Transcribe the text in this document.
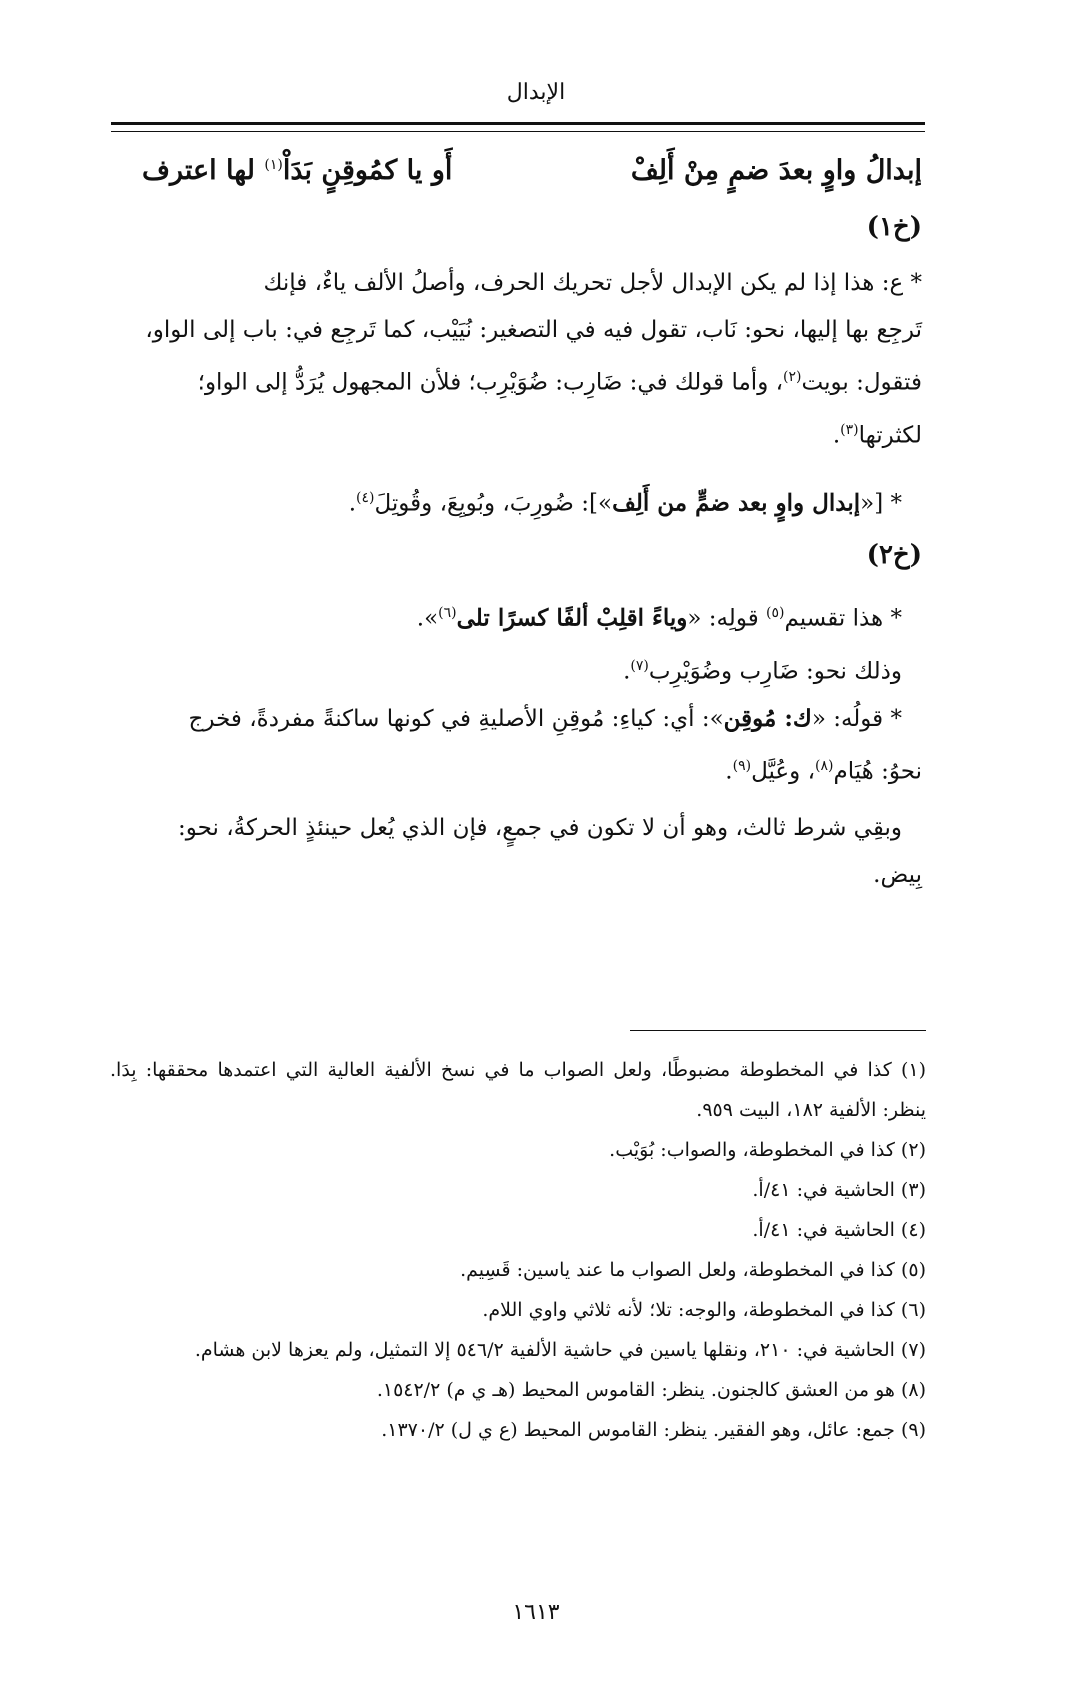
الإبدال
إبدالُ واوٍ بعدَ ضمٍ مِنْ أَلِفْ
أَو يا كمُوقِنٍ بَدَاْ$^{(١)}$ لها اعترف
(خ١)
* ع: هذا إذا لم يكن الإبدال لأجل تحريك الحرف، وأصلُ الألف ياءٌ، فإنك
تَرجِع بها إليها، نحو: نَاب، تقول فيه في التصغير: نُيَيْب، كما تَرجِع في: باب إلى الواو،
فتقول: بويت$^{(٢)}$، وأما قولك في: ضَارِب: ضُوَيْرِب؛ فلأن المجهول يُرَدُّ إلى الواو؛
لكثرتها$^{(٣)}$.
* [«إبدال واوٍ بعد ضمٍّ من أَلِف»]: ضُورِبَ، وبُويِعَ، وقُوتِلَ$^{(٤)}$.
(خ٢)
* هذا تقسيم$^{(٥)}$ قولِه: «وياءً اقلِبْ ألفًا كسرًا تلى$^{(٦)}$».
وذلك نحو: ضَارِب وضُوَيْرِب$^{(٧)}$.
* قولُه: «ك: مُوقِن»: أي: كياءِ: مُوقِنِ الأصليةِ في كونها ساكنةً مفردةً، فخرج
نحوُ: هُيَام$^{(٨)}$، وعُيَّل$^{(٩)}$.
وبقِي شرط ثالث، وهو أن لا تكون في جمعٍ، فإن الذي يُعل حينئذٍ الحركةُ، نحو:
بِيض.
(١) كذا في المخطوطة مضبوطًا، ولعل الصواب ما في نسخ الألفية العالية التي اعتمدها محققها: بِدَا. ينظر: الألفية ١٨٢، البيت ٩٥٩.
(٢) كذا في المخطوطة، والصواب: بُوَيْب.
(٣) الحاشية في: ٤١/أ.
(٤) الحاشية في: ٤١/أ.
(٥) كذا في المخطوطة، ولعل الصواب ما عند ياسين: قَسِيم.
(٦) كذا في المخطوطة، والوجه: تلا؛ لأنه ثلاثي واوي اللام.
(٧) الحاشية في: ٢١٠، ونقلها ياسين في حاشية الألفية ٥٤٦/٢ إلا التمثيل، ولم يعزها لابن هشام.
(٨) هو من العشق كالجنون. ينظر: القاموس المحيط (هـ ي م) ١٥٤٢/٢.
(٩) جمع: عائل، وهو الفقير. ينظر: القاموس المحيط (ع ي ل) ١٣٧٠/٢.
١٦١٣
